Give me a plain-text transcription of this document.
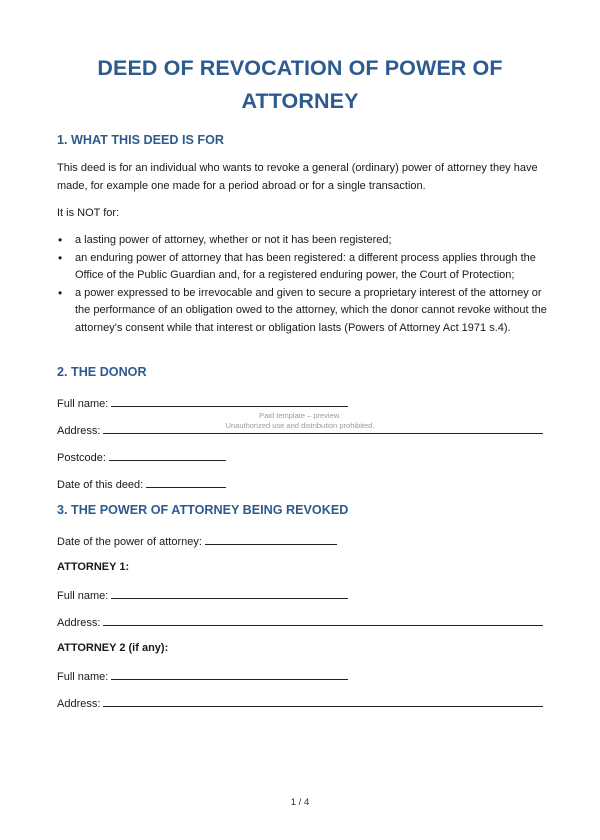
DEED OF REVOCATION OF POWER OF ATTORNEY
1. WHAT THIS DEED IS FOR

This deed is for an individual who wants to revoke a general (ordinary) power of attorney they have made, for example one made for a period abroad or for a single transaction.

It is NOT for:

• a lasting power of attorney, whether or not it has been registered;
• an enduring power of attorney that has been registered: a different process applies through the Office of the Public Guardian and, for a registered enduring power, the Court of Protection;
• a power expressed to be irrevocable and given to secure a proprietary interest of the attorney or the performance of an obligation owed to the attorney, which the donor cannot revoke without the attorney's consent while that interest or obligation lasts (Powers of Attorney Act 1971 s.4).
2. THE DONOR
Full name:
Paid template – preview.
Unauthorized use and distribution prohibited.
Address:
Postcode:
Date of this deed:
3. THE POWER OF ATTORNEY BEING REVOKED
Date of the power of attorney:
ATTORNEY 1:
Full name:
Address:
ATTORNEY 2 (if any):
Full name:
Address:
1 / 4
